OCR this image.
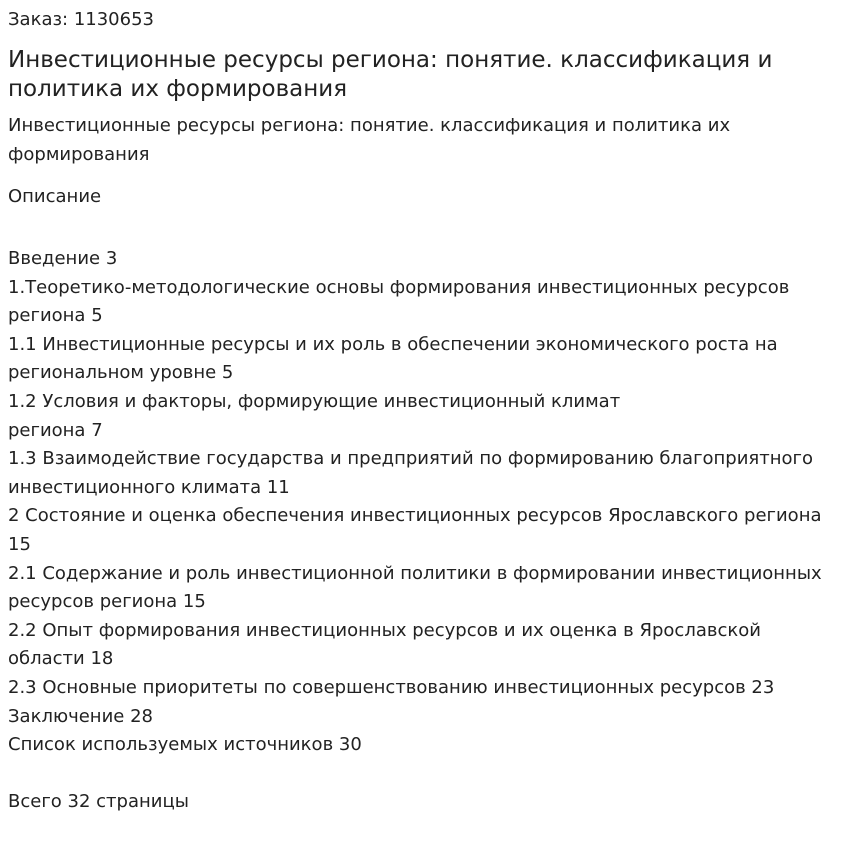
Заказ: 1130653

Инвестиционные ресурсы региона: понятие. классификация и политика их формирования

Инвестиционные ресурсы региона: понятие. классификация и политика их формирования

Описание

Введение 3
1.Теоретико-методологические основы формирования инвестиционных ресурсов региона 5
1.1 Инвестиционные ресурсы и их роль в обеспечении экономического роста на региональном уровне 5
1.2 Условия и факторы, формирующие инвестиционный климат
региона 7
1.3 Взаимодействие государства и предприятий по формированию благоприятного инвестиционного климата 11
2 Состояние и оценка обеспечения инвестиционных ресурсов Ярославского региона 15
2.1 Содержание и роль инвестиционной политики в формировании инвестиционных ресурсов региона 15
2.2 Опыт формирования инвестиционных ресурсов и их оценка в Ярославской области 18
2.3 Основные приоритеты по совершенствованию инвестиционных ресурсов 23
Заключение 28
Список используемых источников 30

Всего 32 страницы
